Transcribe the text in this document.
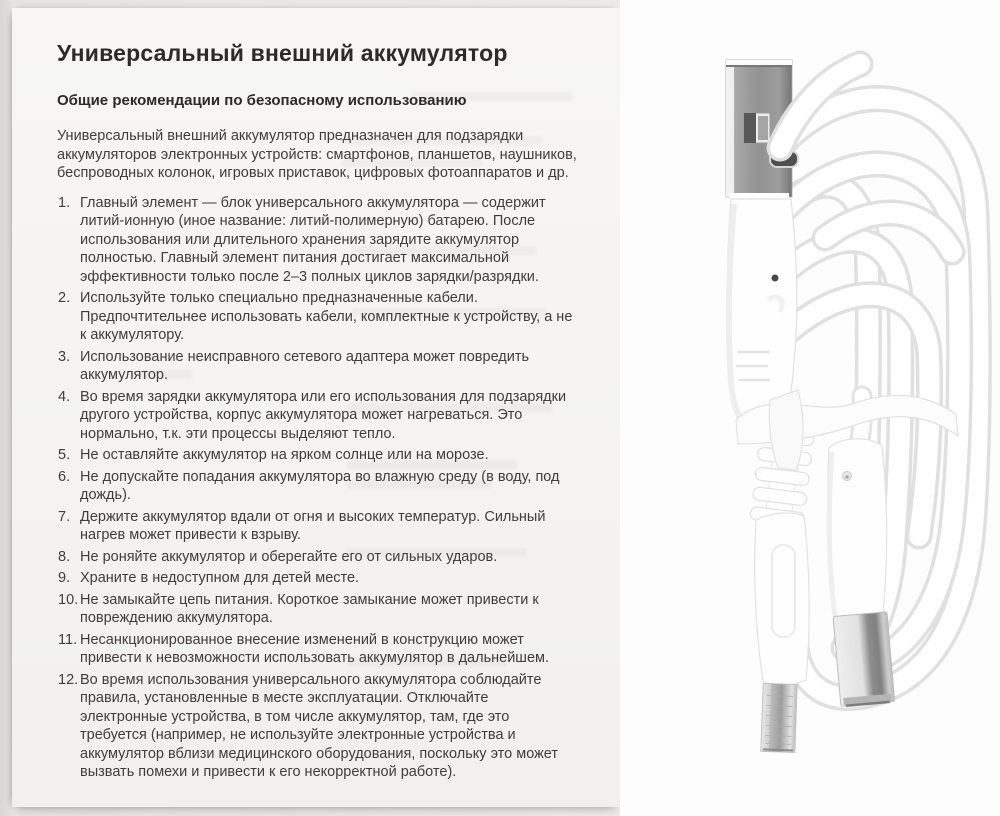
Универсальный внешний аккумулятор
Общие рекомендации по безопасному использованию

Универсальный внешний аккумулятор предназначен для подзарядки аккумуляторов электронных устройств: смартфонов, планшетов, наушников, беспроводных колонок, игровых приставок, цифровых фотоаппаратов и др.

Главный элемент — блок универсального аккумулятора — содержит литий-ионную (иное название: литий-полимерную) батарею. После использования или длительного хранения зарядите аккумулятор полностью. Главный элемент питания достигает максимальной эффективности только после 2–3 полных циклов зарядки/разрядки.
Используйте только специально предназначенные кабели. Предпочтительнее использовать кабели, комплектные к устройству, а не к аккумулятору.
Использование неисправного сетевого адаптера может повредить аккумулятор.
Во время зарядки аккумулятора или его использования для подзарядки другого устройства, корпус аккумулятора может нагреваться. Это нормально, т.к. эти процессы выделяют тепло.
Не оставляйте аккумулятор на ярком солнце или на морозе.
Не допускайте попадания аккумулятора во влажную среду (в воду, под дождь).
Держите аккумулятор вдали от огня и высоких температур. Сильный нагрев может привести к взрыву.
Не роняйте аккумулятор и оберегайте его от сильных ударов.
Храните в недоступном для детей месте.
Не замыкайте цепь питания. Короткое замыкание может привести к повреждению аккумулятора.
Несанкционированное внесение изменений в конструкцию может привести к невозможности использовать аккумулятор в дальнейшем.
Во время использования универсального аккумулятора соблюдайте правила, установленные в месте эксплуатации. Отключайте электронные устройства, в том числе аккумулятор, там, где это требуется (например, не используйте электронные устройства и аккумулятор вблизи медицинского оборудования, поскольку это может вызвать помехи и привести к его некорректной работе).
